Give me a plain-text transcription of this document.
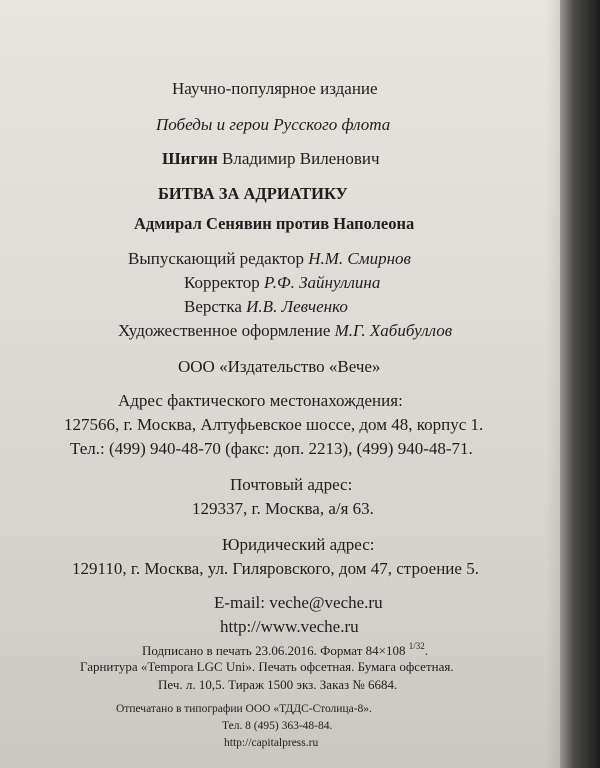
Научно-популярное издание
Победы и герои Русского флота
Шигин Владимир Виленович
БИТВА ЗА АДРИАТИКУ
Адмирал Сенявин против Наполеона
Выпускающий редактор Н.М. Смирнов
Корректор Р.Ф. Зайнуллина
Верстка И.В. Левченко
Художественное оформление М.Г. Хабибуллов
ООО «Издательство «Вече»
Адрес фактического местонахождения:
127566, г. Москва, Алтуфьевское шоссе, дом 48, корпус 1.
Тел.: (499) 940-48-70 (факс: доп. 2213), (499) 940-48-71.
Почтовый адрес:
129337, г. Москва, а/я 63.
Юридический адрес:
129110, г. Москва, ул. Гиляровского, дом 47, строение 5.
E-mail: veche@veche.ru
http://www.veche.ru
Подписано в печать 23.06.2016. Формат 84×108 $^{1/32}$.
Гарнитура «Tempora LGC Uni». Печать офсетная. Бумага офсетная.
Печ. л. 10,5. Тираж 1500 экз. Заказ № 6684.
Отпечатано в типографии ООО «ТДДС-Столица-8».
Тел. 8 (495) 363-48-84.
http://capitalpress.ru
